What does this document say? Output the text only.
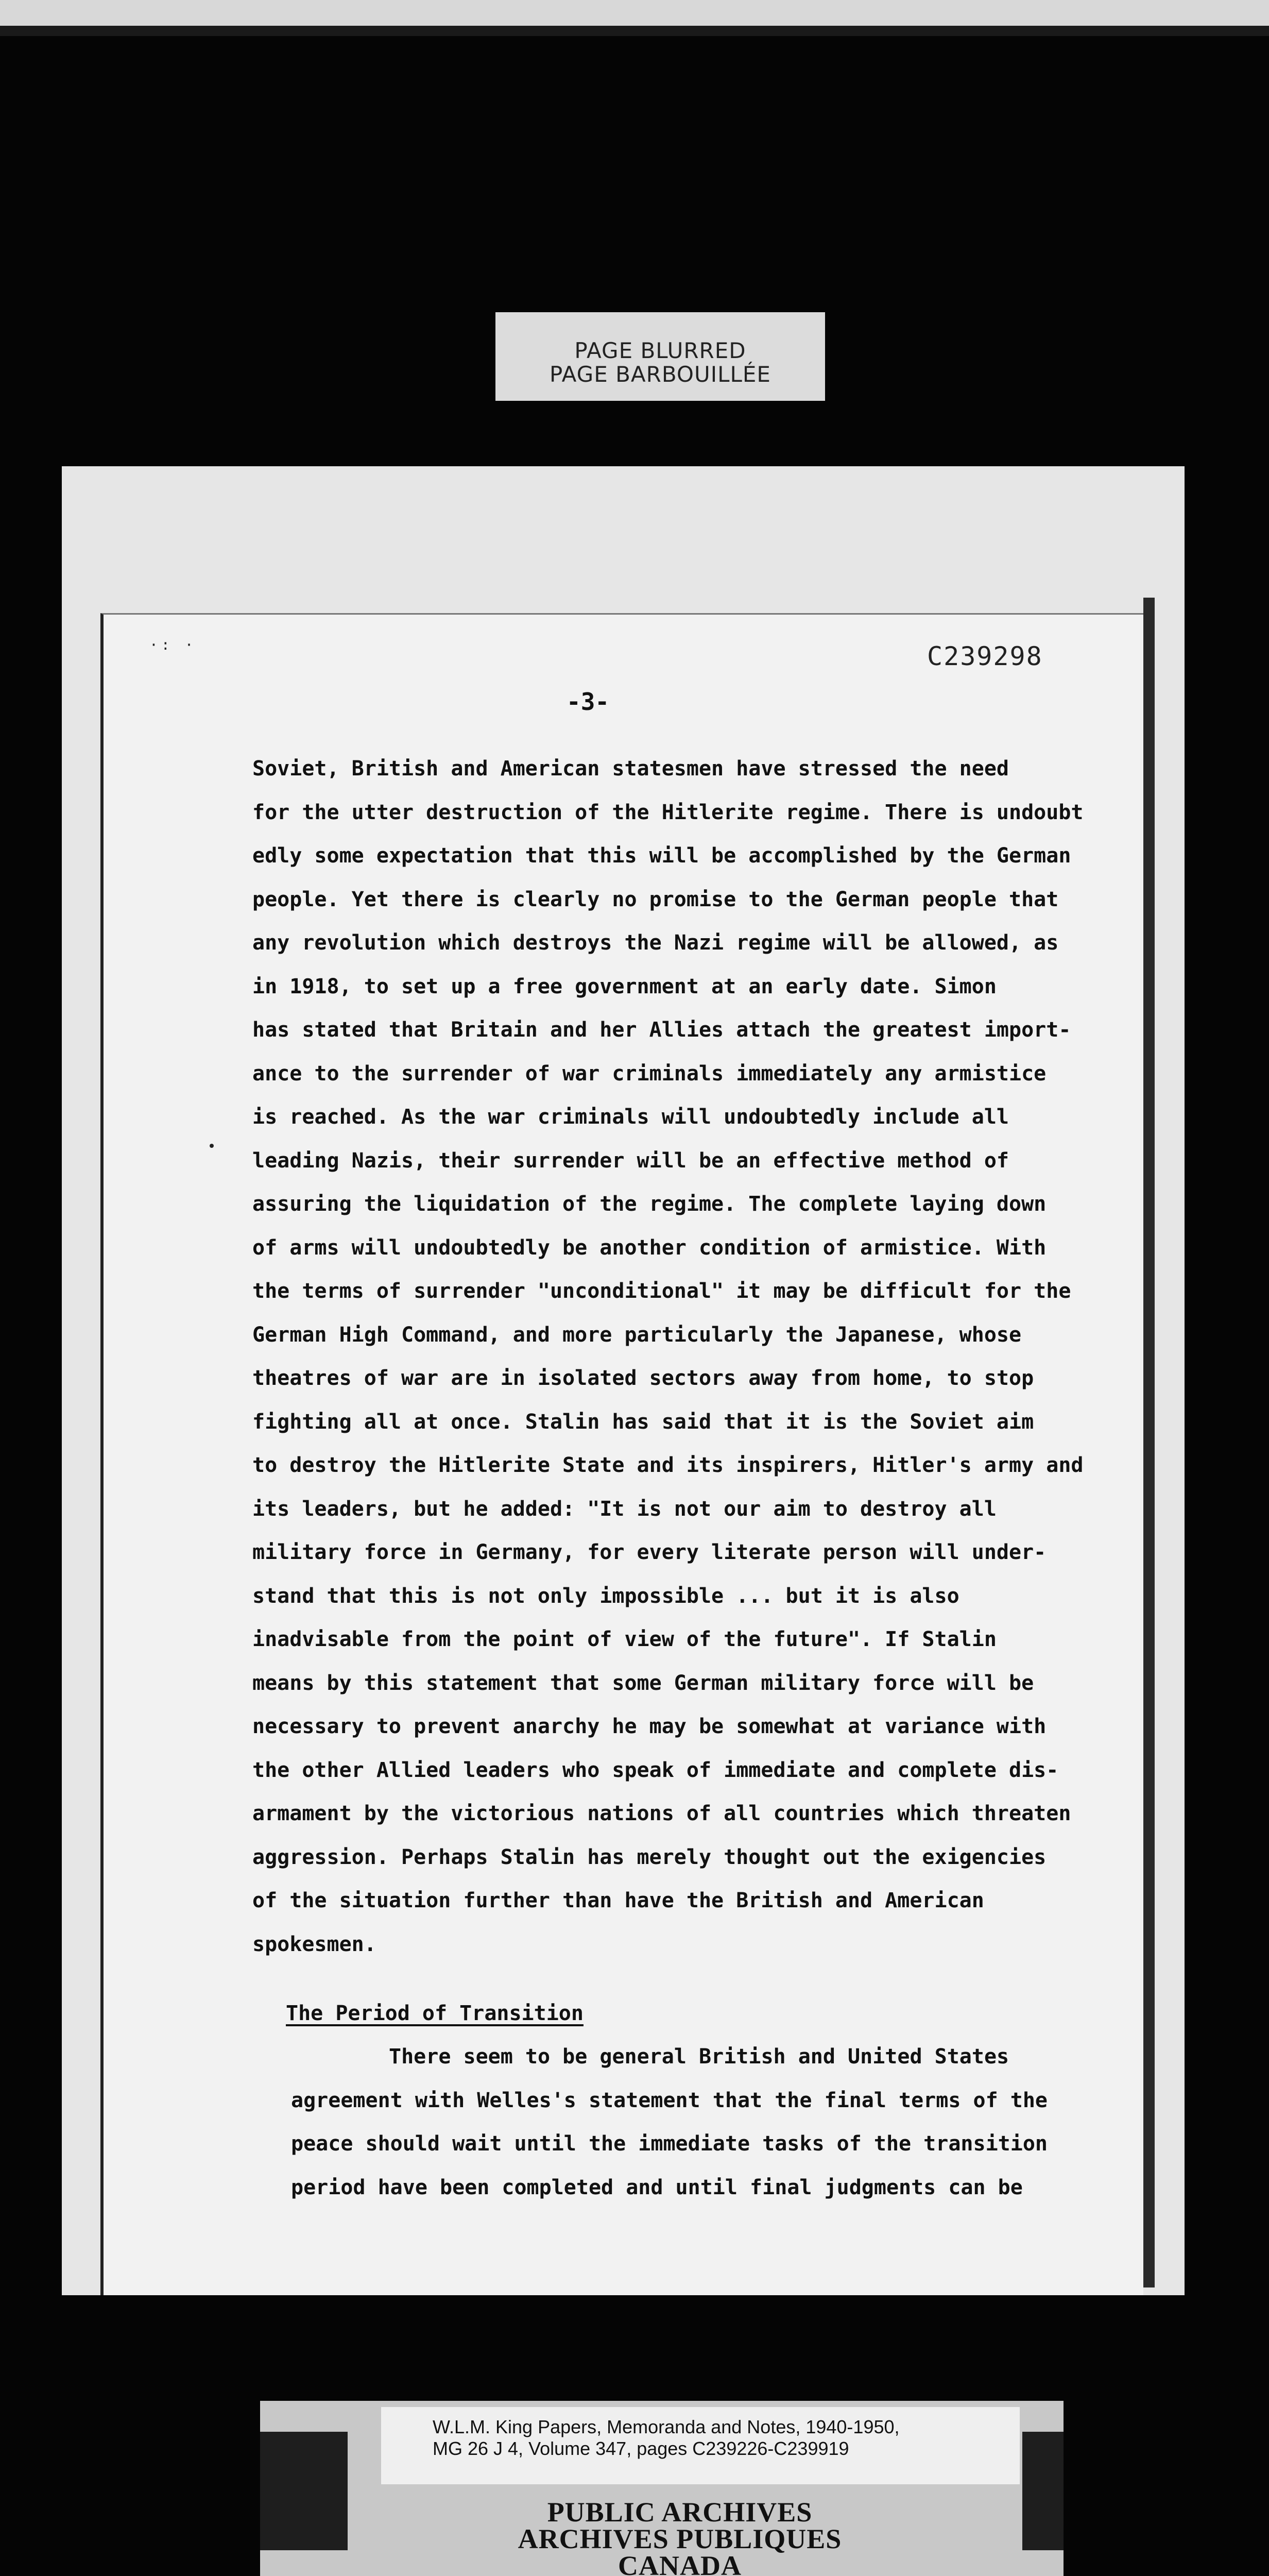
PAGE BLURRED
PAGE BARBOUILLÉE
·: ·	C239298
-3-
Soviet, British and American statesmen have stressed the need
for the utter destruction of the Hitlerite regime. There is undoubt
edly some expectation that this will be accomplished by the German
people. Yet there is clearly no promise to the German people that
any revolution which destroys the Nazi regime will be allowed, as
in 1918, to set up a free government at an early date. Simon
has stated that Britain and her Allies attach the greatest import-
ance to the surrender of war criminals immediately any armistice
is reached. As the war criminals will undoubtedly include all
leading Nazis, their surrender will be an effective method of
assuring the liquidation of the regime. The complete laying down
of arms will undoubtedly be another condition of armistice. With
the terms of surrender "unconditional" it may be difficult for the
German High Command, and more particularly the Japanese, whose
theatres of war are in isolated sectors away from home, to stop
fighting all at once. Stalin has said that it is the Soviet aim
to destroy the Hitlerite State and its inspirers, Hitler's army and
its leaders, but he added: "It is not our aim to destroy all
military force in Germany, for every literate person will under-
stand that this is not only impossible ... but it is also
inadvisable from the point of view of the future". If Stalin
means by this statement that some German military force will be
necessary to prevent anarchy he may be somewhat at variance with
the other Allied leaders who speak of immediate and complete dis-
armament by the victorious nations of all countries which threaten
aggression. Perhaps Stalin has merely thought out the exigencies
of the situation further than have the British and American
spokesmen.
The Period of Transition
There seem to be general British and United States
agreement with Welles's statement that the final terms of the
peace should wait until the immediate tasks of the transition
period have been completed and until final judgments can be
W.L.M. King Papers, Memoranda and Notes, 1940-1950,
MG 26 J 4, Volume 347, pages C239226-C239919
PUBLIC ARCHIVES
ARCHIVES PUBLIQUES
CANADA
